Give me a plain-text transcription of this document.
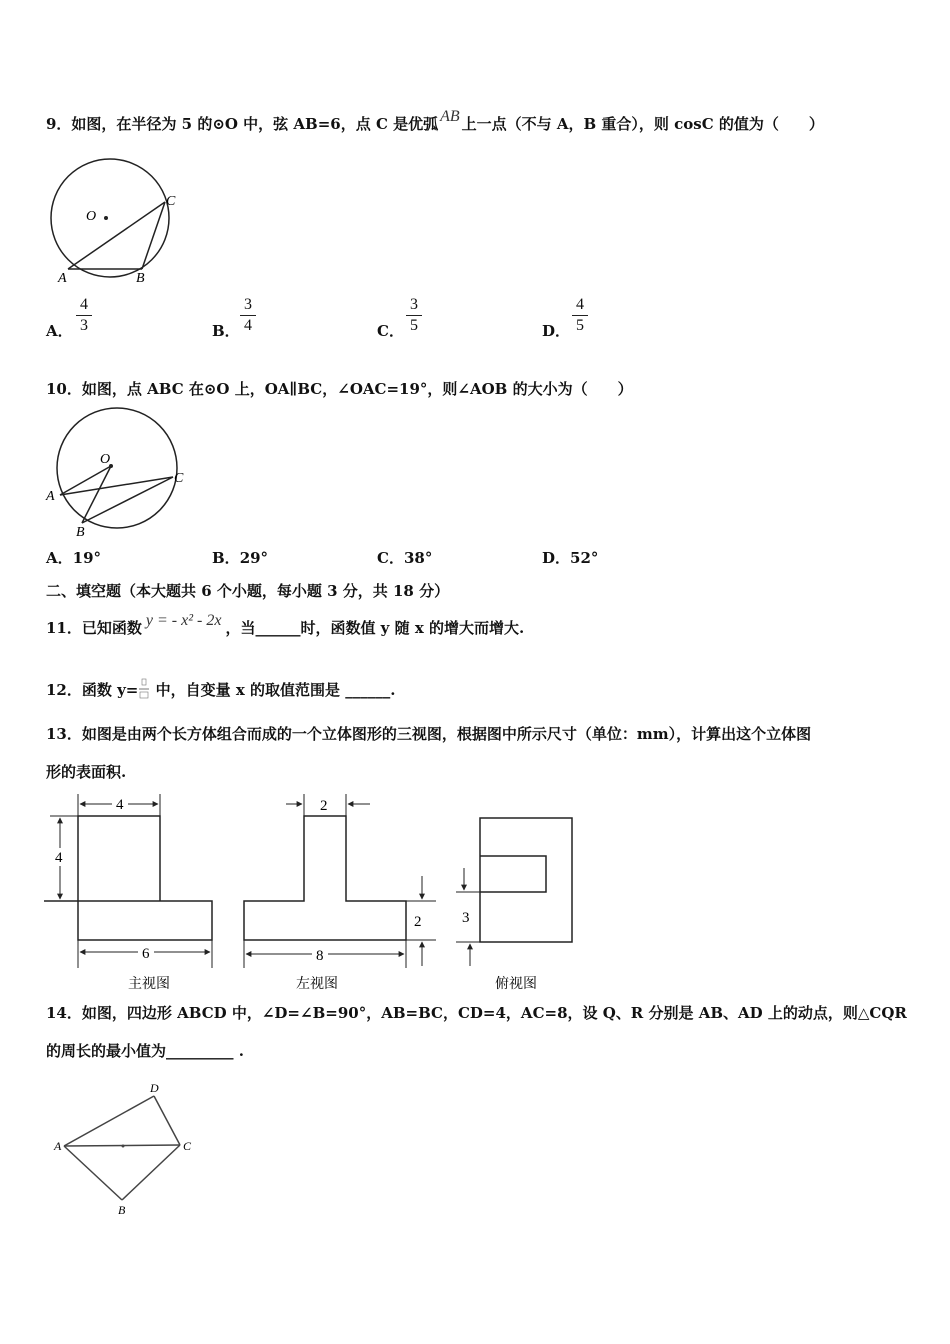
9．如图，在半径为 5 的⊙O 中，弦 AB=6，点 C 是优弧 AB 上一点（不与 A，B 重合），则 cosC 的值为（　　）
O
A	B
C
A．
4
3	B．
3
4	C．
3
5	D．
4
5
10．如图，点 ABC 在⊙O 上，OA∥BC，∠OAC=19°，则∠AOB 的大小为（　　）
O
A
B
C
A．19°	B．29°	C．38°	D．52°
二、填空题（本大题共 6 个小题，每小题 3 分，共 18 分）
11．已知函数 y = - x² - 2x ，当______时，函数值 y 随 x 的增大而增大.
12．函数 y= 中，自变量 x 的取值范围是 ______.
13．如图是由两个长方体组合而成的一个立体图形的三视图，根据图中所示尺寸（单位：mm），计算出这个立体图
形的表面积.
4
4
6
主视图
2
2
8
左视图
3
俯视图
14．如图，四边形 ABCD 中，∠D=∠B=90°，AB=BC，CD=4，AC=8，设 Q、R 分别是 AB、AD 上的动点，则△CQR
的周长的最小值为_________ .
D
A	C
B
